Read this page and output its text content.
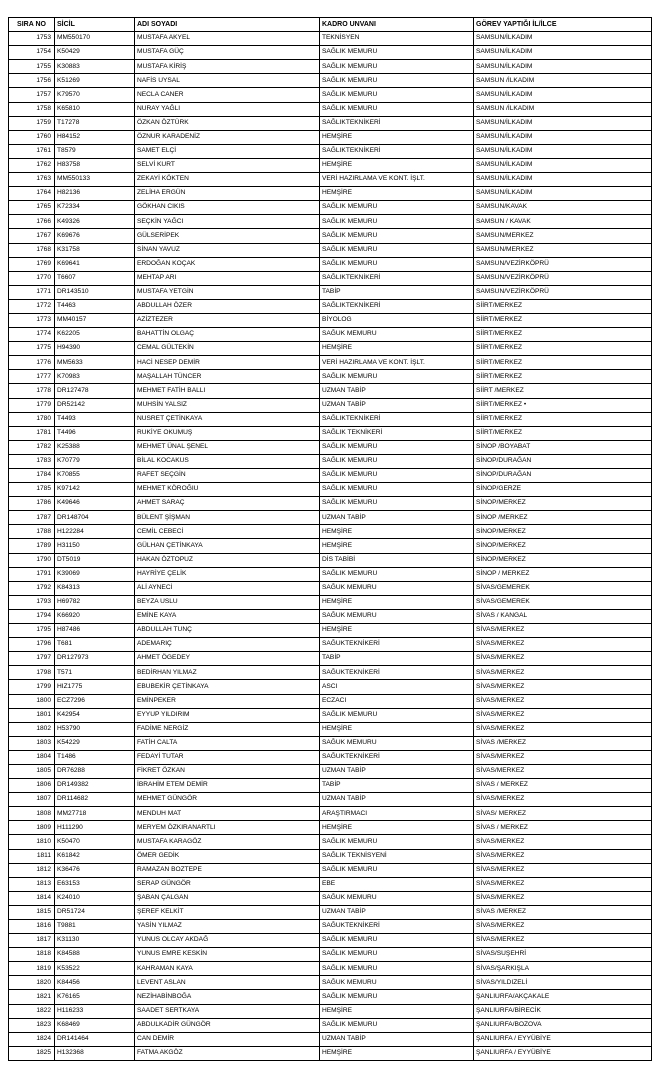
SIRA NO	SİCİL	ADI SOYADI	KADRO UNVANI	GÖREV YAPTIĞI İL/İLCE
1753	MM550170	MUSTAFA AKYEL	TEKNİSYEN	SAMSUN/İLKADIM
1754	K50429	MUSTAFA GÜÇ	SAĞLIK MEMURU	SAMSUN/İLKADIM
1755	K30883	MUSTAFA KİRİŞ	SAĞLIK MEMURU	SAMSUN/İLKADIM
1756	K51269	NAFİS UYSAL	SAĞLIK MEMURU	SAMSUN /İLKADIM
1757	K79570	NECLA CANER	SAĞLIK MEMURU	SAMSUN/İLKADIM
1758	K65810	NURAY YAĞLI	SAĞLIK MEMURU	SAMSUN /İLKADIM
1759	T17278	ÖZKAN ÖZTÜRK	SAĞLIKTEKNİKERİ	SAMSUN/İLKADIM
1760	H84152	ÖZNUR KARADENİZ	HEMŞİRE	SAMSUN/İLKADIM
1761	T8579	SAMET ELÇİ	SAĞLIKTEKNİKERİ	SAMSUN/İLKADIM
1762	H83758	SELVİ KURT	HEMŞİRE	SAMSUN/İLKADIM
1763	MM550133	ZEKAYİ KÖKTEN	VERİ HAZIRLAMA VE KONT. İŞLT.	SAMSUN/İLKADIM
1764	H82136	ZELİHA ERGÜN	HEMŞİRE	SAMSUN/İLKADIM
1765	K72334	GÖKHAN CIKIS	SAĞLIK MEMURU	SAMSUN/KAVAK
1766	K49326	SEÇKİN YAĞCI	SAĞLIK MEMURU	SAMSUN / KAVAK
1767	K69676	GÜLSERİPEK	SAĞLIK MEMURU	SAMSUN/MERKEZ
1768	K31758	SİNAN YAVUZ	SAĞLIK MEMURU	SAMSUN/MERKEZ
1769	K69641	ERDOĞAN KOÇAK	SAĞLIK MEMURU	SAMSUN/VEZİRKÖPRÜ
1770	T6607	MEHTAP ARI	SAĞLIKTEKNİKERİ	SAMSUN/VEZİRKÖPRÜ
1771	DR143510	MUSTAFA YETGİN	TABİP	SAMSUN/VEZİRKÖPRÜ
1772	T4463	ABDULLAH ÖZER	SAĞLIKTEKNİKERİ	SİİRT/MERKEZ
1773	MM40157	AZİZTEZER	BİYOLOG	SİİRT/MERKEZ
1774	K62205	BAHATTİN OLGAÇ	SAĞUK MEMURU	SİİRT/MERKEZ
1775	H94390	CEMAL GÜLTEKİN	HEMŞİRE	SİİRT/MERKEZ
1776	MM5633	HACİ NESEP DEMİR	VERİ HAZIRLAMA VE KONT. İŞLT.	SİİRT/MERKEZ
1777	K70983	MAŞALLAH TÜNCER	SAĞLIK MEMURU	SİİRT/MERKEZ
1778	DR127478	MEHMET FATİH BALLI	UZMAN TABİP	SİİRT /MERKEZ
1779	DR52142	MUHSİN YALSIZ	UZMAN TABİP	SİİRT/MERKEZ •
1780	T4493	NUSRET ÇETİNKAYA	SAĞLIKTEKNİKERİ	SİİRT/MERKEZ
1781	T4496	RUKİYE OKUMUŞ	SAĞLIK TEKNİKERİ	SİİRT/MERKEZ
1782	K25388	MEHMET ÜNAL ŞENEL	SAĞLIK MEMURU	SİNOP /BOYABAT
1783	K70779	BİLAL KOCAKUS	SAĞLIK MEMURU	SİNOP/DURAĞAN
1784	K70855	RAFET SEÇGİN	SAĞLIK MEMURU	SİNOP/DURAĞAN
1785	K97142	MEHMET KÖROĞIU	SAĞLIK MEMURU	SİNOP/GERZE
1786	K49646	AHMET SARAÇ	SAĞLIK MEMURU	SİNOP/MERKEZ
1787	DR148704	BÜLENT ŞİŞMAN	UZMAN TABİP	SİNOP /MERKEZ
1788	H122284	CEMİL CEBECİ	HEMŞİRE	SİNOP/MERKEZ
1789	H31150	GÜLHAN ÇETİNKAYA	HEMŞİRE	SİNOP/MERKEZ
1790	DT5019	HAKAN ÖZTOPUZ	DİS TABİBİ	SİNOP/MERKEZ
1791	K39069	HAYRİYE ÇELİK	SAĞLIK MEMURU	SİNOP / MERKEZ
1792	K84313	ALİ AYNECİ	SAĞUK MEMURU	SİVAS/GEMEREK
1793	H69782	BEYZA USLU	HEMŞİRE	SİVAS/GEMEREK
1794	K66920	EMİNE KAYA	SAĞUK MEMURU	SİVAS / KANGAL
1795	H87486	ABDULLAH TUNÇ	HEMŞİRE	SİVAS/MERKEZ
1796	T681	ADEMARIÇ	SAĞUKTEKNİKERİ	SİVAS/MERKEZ
1797	DR127973	AHMET ÖGEDEY	TABİP	SİVAS/MERKEZ
1798	T571	BEDİRHAN YILMAZ	SAĞUKTEKNİKERİ	SİVAS/MERKEZ
1799	HIZ1775	EBUBEKİR ÇETİNKAYA	ASCI	SİVAS/MERKEZ
1800	ECZ7296	EMİNPEKER	ECZACI	SİVAS/MERKEZ
1801	K42954	EYYUP YILDIRIM	SAĞLIK MEMURU	SİVAS/MERKEZ
1802	H53790	FADİME NERGİZ	HEMŞİRE	SİVAS/MERKEZ
1803	K54229	FATİH CALTA	SAĞUK MEMURU	SİVAS /MERKEZ
1804	T1486	FEDAYİ TUTAR	SAĞUKTEKNİKERİ	SİVAS/MERKEZ
1805	DR76288	FİKRET ÖZKAN	UZMAN TABİP	SİVAS/MERKEZ
1806	DR149382	İBRAHİM ETEM DEMİR	TABİP	SİVAS / MERKEZ
1807	DR114682	MEHMET GÜNGÖR	UZMAN TABİP	SİVAS/MERKEZ
1808	MM27718	MENDUH MAT	ARAŞTIRMACI	SİVAS/ MERKEZ
1809	H111290	MERYEM ÖZKIRANARTLI	HEMŞİRE	SİVAS / MERKEZ
1810	K50470	MUSTAFA KARAGÖZ	SAĞLIK MEMURU	SİVAS/MERKEZ
1811	K61842	ÖMER GEDİK	SAĞLIK TEKNİSYENİ	SİVAS/MERKEZ
1812	K36476	RAMAZAN BOZTEPE	SAĞLIK MEMURU	SİVAS/MERKEZ
1813	E63153	SERAP GÜNGÖR	EBE	SİVAS/MERKEZ
1814	K24010	ŞABAN ÇALGAN	SAĞUK MEMURU	SİVAS/MERKEZ
1815	DR51724	ŞEREF KELKİT	UZMAN TABİP	SİVAS /MERKEZ
1816	T9881	YASİN YILMAZ	SAĞUKTEKNİKERİ	SİVAS/MERKEZ
1817	K31130	YUNUS OLCAY AKDAĞ	SAĞLIK MEMURU	SİVAS/MERKEZ
1818	K84588	YUNUS EMRE KESKİN	SAĞLIK MEMURU	SİVAS/SUŞEHRİ
1819	K53522	KAHRAMAN KAYA	SAĞLIK MEMURU	SİVAS/ŞARKIŞLA
1820	K84456	LEVENT ASLAN	SAĞUK MEMURU	SİVAS/YILDIZELİ
1821	K76165	NEZİHABİNBOĞA	SAĞLIK MEMURU	ŞANLIURFA/AKÇAKALE
1822	H116233	SAADET SERTKAYA	HEMŞİRE	ŞANLIURFA/BİRECİK
1823	K68469	ABDULKADİR GÜNGÖR	SAĞLIK MEMURU	ŞANLIURFA/BOZOVA
1824	DR141464	CAN DEMİR	UZMAN TABİP	ŞANLIURFA / EYYÜBİYE
1825	H132368	FATMA AKGÖZ	HEMŞİRE	ŞANLIURFA / EYYÜBİYE
